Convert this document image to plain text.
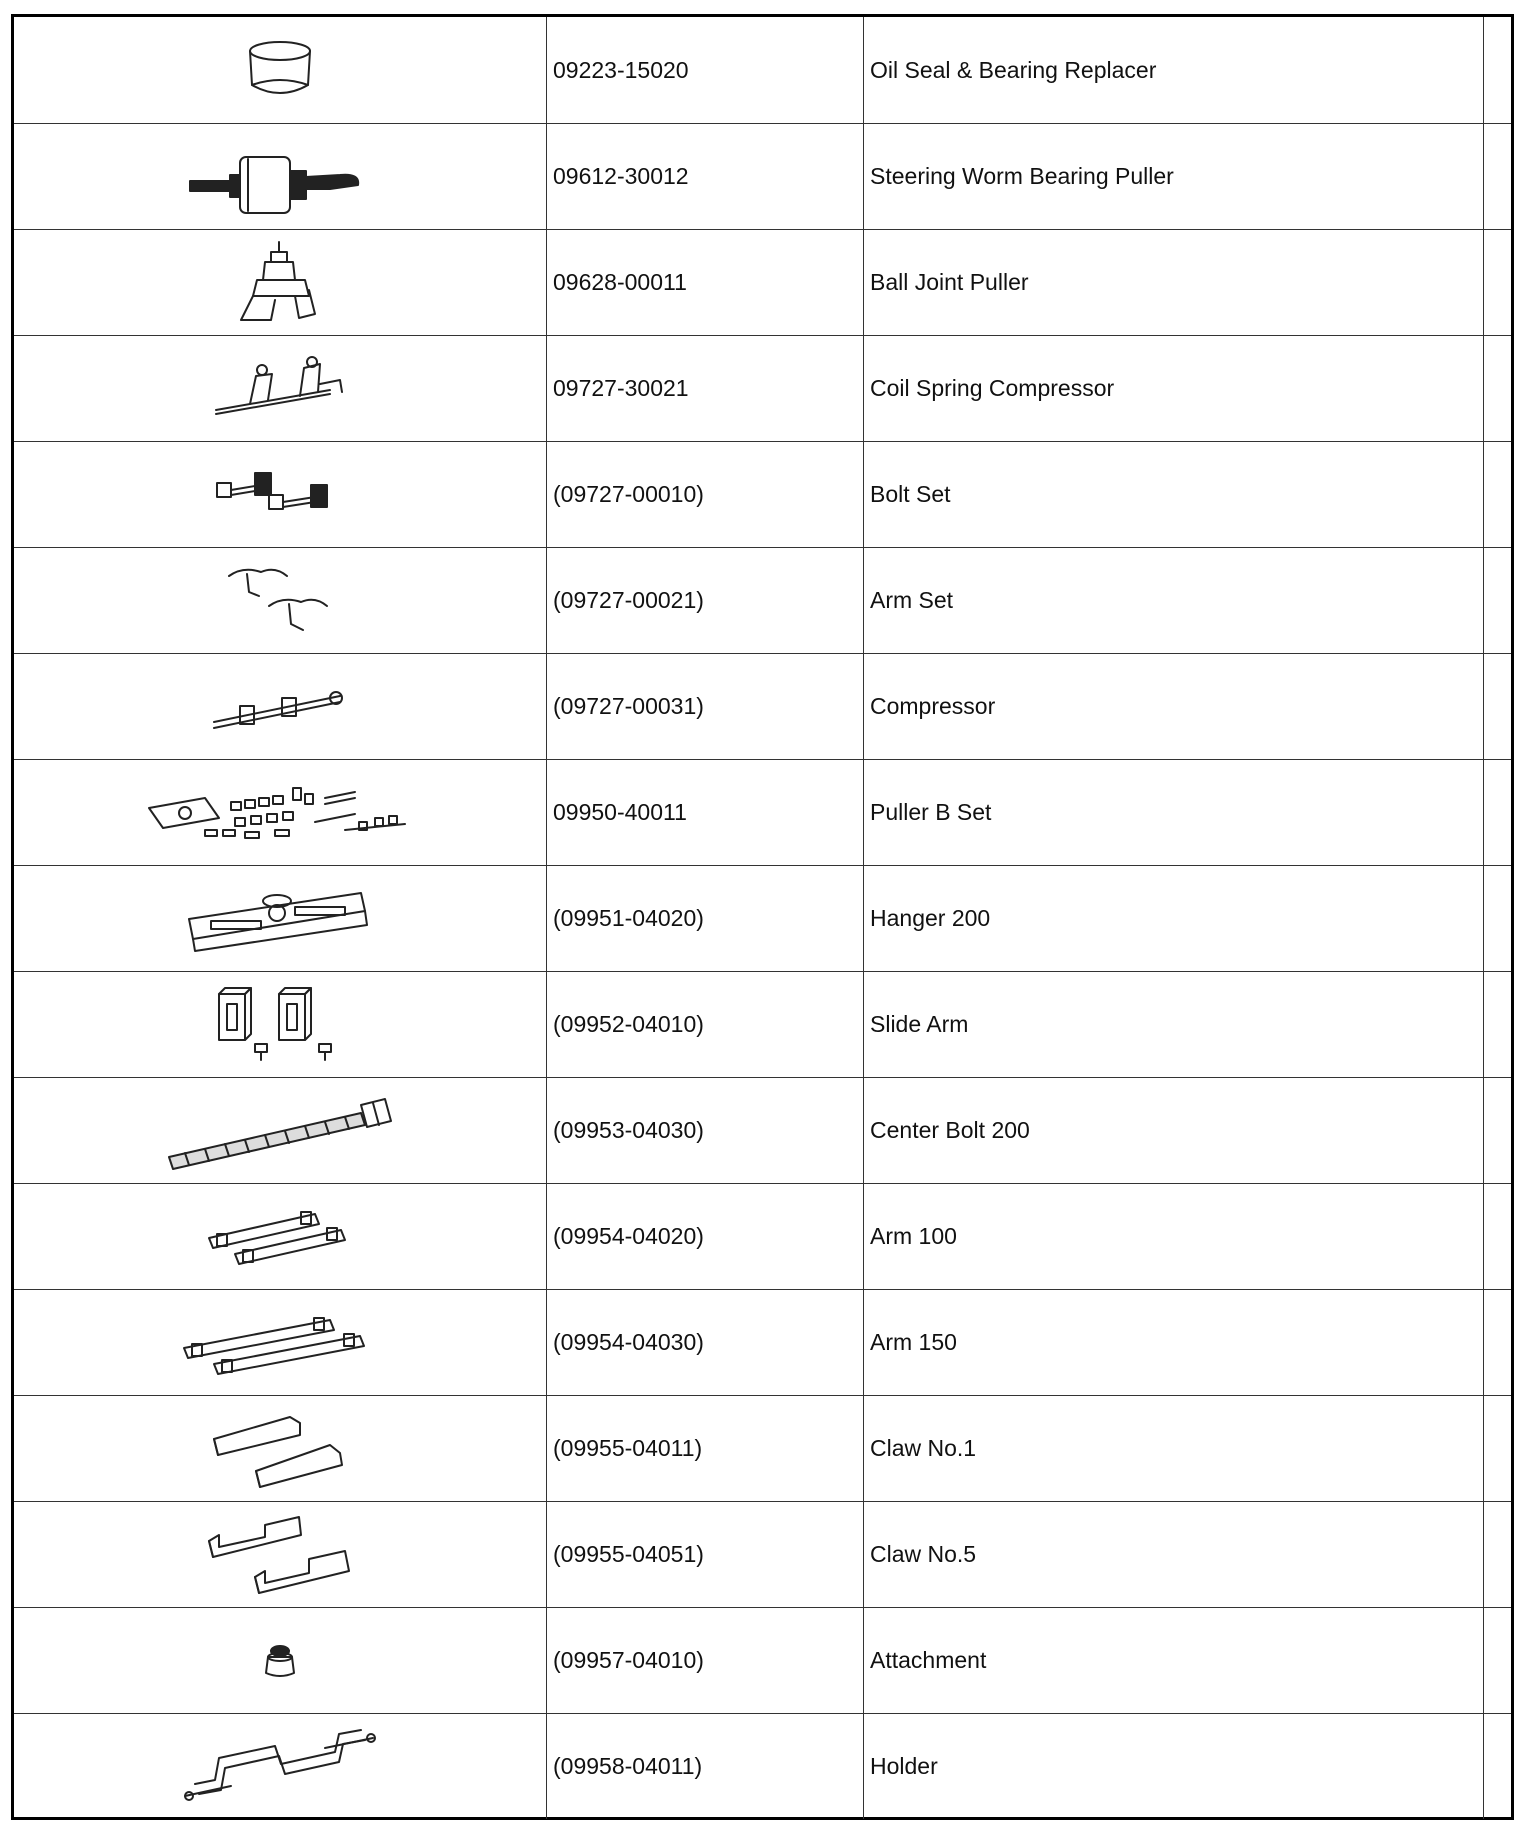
09223-15020	Oil Seal & Bearing Replacer
09612-30012	Steering Worm Bearing Puller
09628-00011	Ball Joint Puller
09727-30021	Coil Spring Compressor
(09727-00010)	Bolt Set
(09727-00021)	Arm Set
(09727-00031)	Compressor
09950-40011	Puller B Set
(09951-04020)	Hanger 200
(09952-04010)	Slide Arm
(09953-04030)	Center Bolt 200
(09954-04020)	Arm 100
(09954-04030)	Arm 150
(09955-04011)	Claw No.1
(09955-04051)	Claw No.5
(09957-04010)	Attachment
(09958-04011)	Holder
